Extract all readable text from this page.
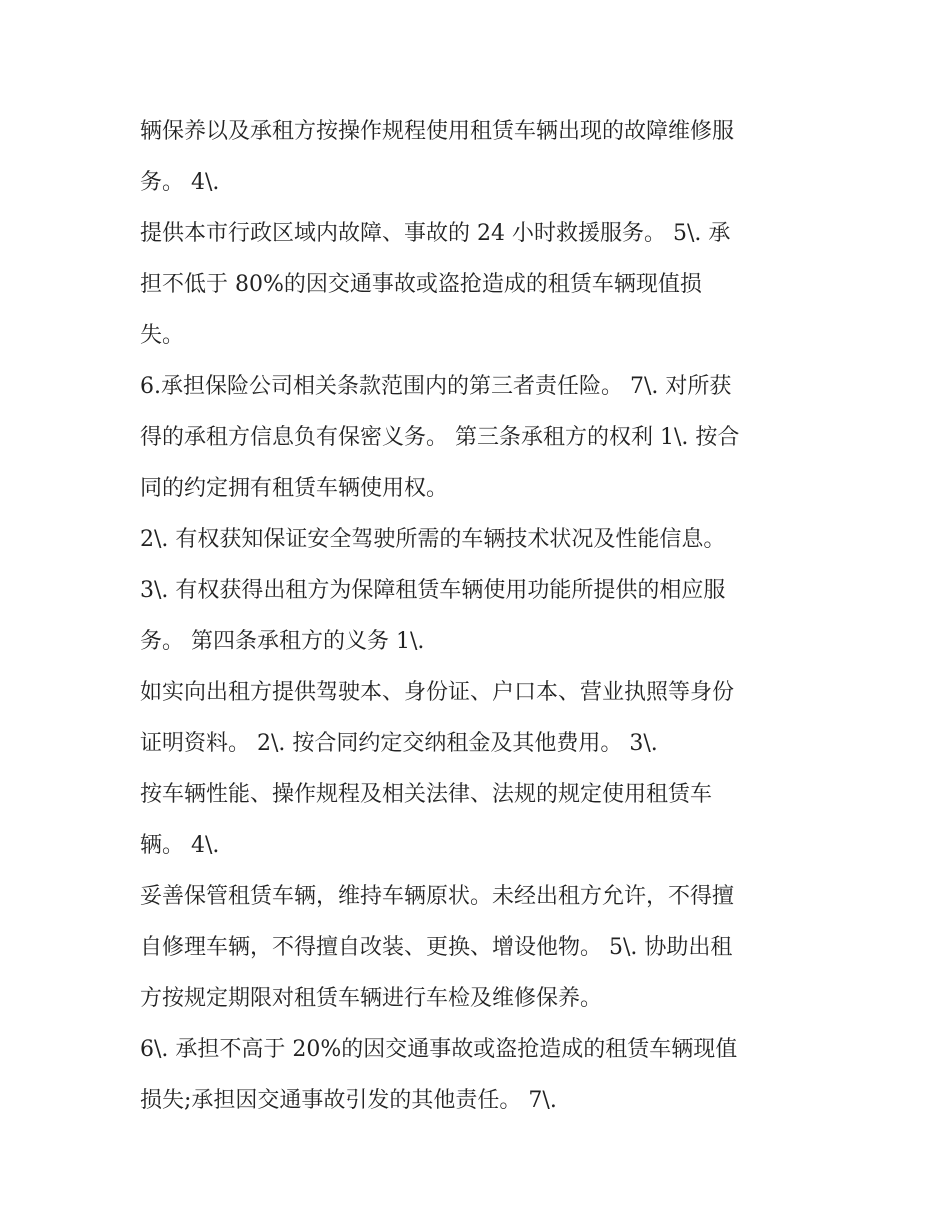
辆保养以及承租方按操作规程使用租赁车辆出现的故障维修服
务。 4\.
提供本市行政区域内故障、事故的 24 小时救援服务。 5\. 承
担不低于 80%的因交通事故或盗抢造成的租赁车辆现值损
失。
6.承担保险公司相关条款范围内的第三者责任险。 7\. 对所获
得的承租方信息负有保密义务。 第三条承租方的权利 1\. 按合
同的约定拥有租赁车辆使用权。
2\. 有权获知保证安全驾驶所需的车辆技术状况及性能信息。
3\. 有权获得出租方为保障租赁车辆使用功能所提供的相应服
务。 第四条承租方的义务 1\.
如实向出租方提供驾驶本、身份证、户口本、营业执照等身份
证明资料。 2\. 按合同约定交纳租金及其他费用。 3\.
按车辆性能、操作规程及相关法律、法规的规定使用租赁车
辆。 4\.
妥善保管租赁车辆，维持车辆原状。未经出租方允许，不得擅
自修理车辆，不得擅自改装、更换、增设他物。 5\. 协助出租
方按规定期限对租赁车辆进行车检及维修保养。
6\. 承担不高于 20%的因交通事故或盗抢造成的租赁车辆现值
损失;承担因交通事故引发的其他责任。 7\.
